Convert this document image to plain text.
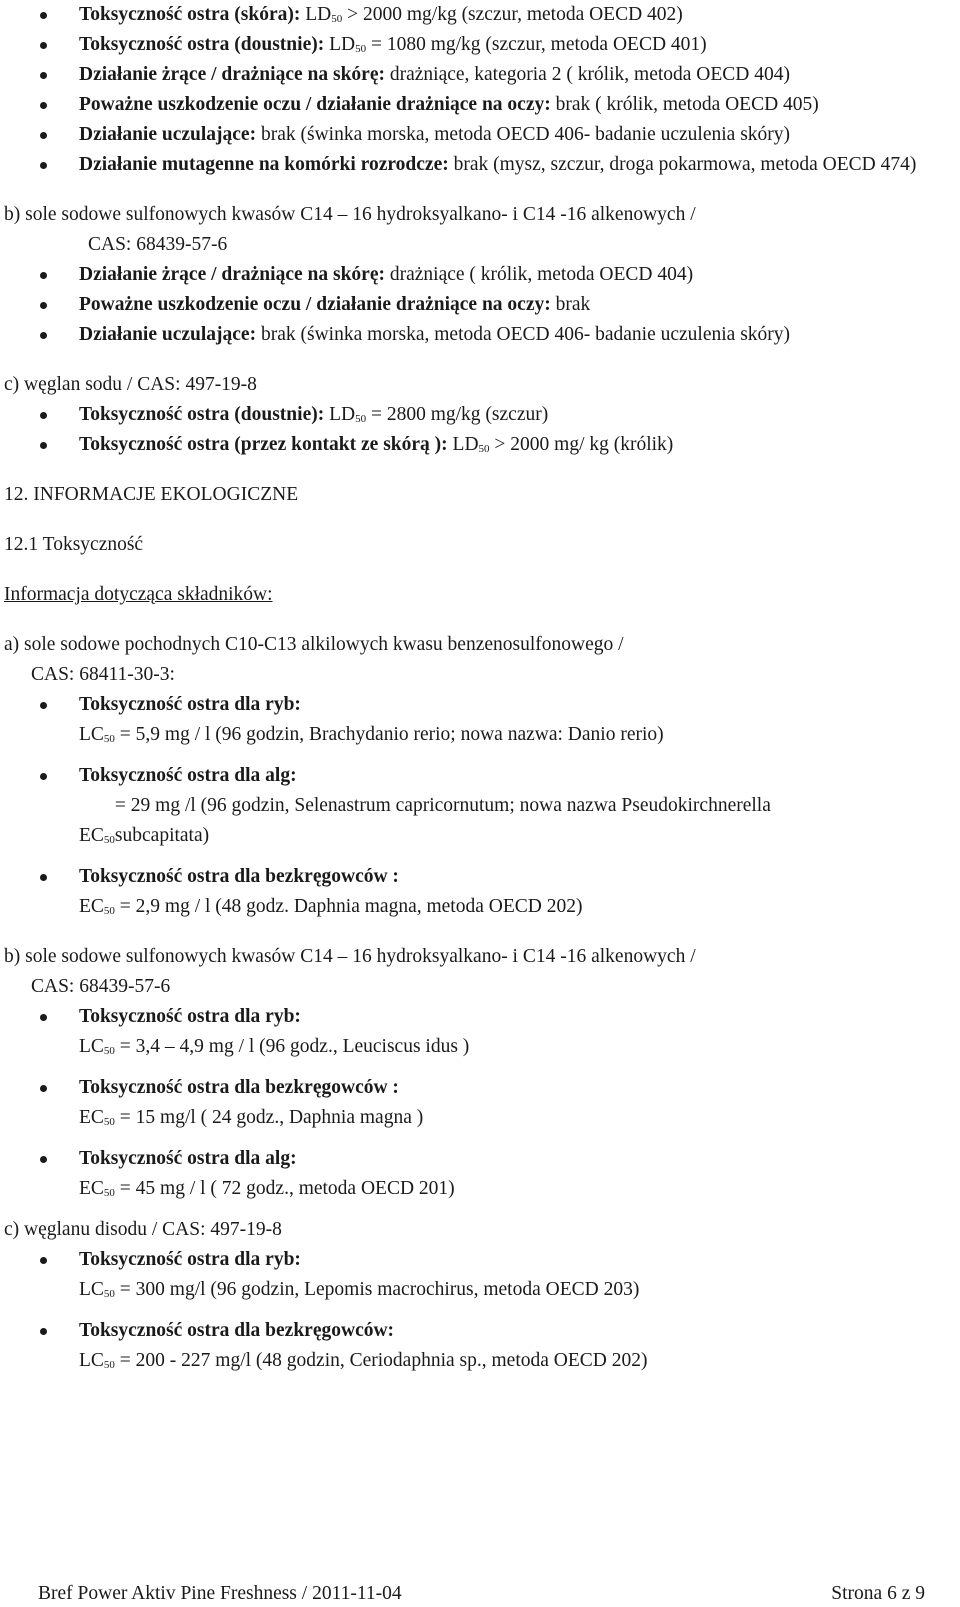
Toksyczność ostra (skóra): $LD_{50} > 2000$ mg/kg (szczur, metoda OECD 402)
Toksyczność ostra (doustnie): $LD_{50} = 1080$ mg/kg (szczur, metoda OECD 401)
Działanie żrące / drażniące na skórę: drażniące, kategoria 2 ( królik, metoda OECD 404)
Poważne uszkodzenie oczu / działanie drażniące na oczy: brak ( królik, metoda OECD 405)
Działanie uczulające: brak (świnka morska, metoda OECD 406- badanie uczulenia skóry)
Działanie mutagenne na komórki rozrodcze: brak (mysz, szczur, droga pokarmowa, metoda OECD 474)
b) sole sodowe sulfonowych kwasów C14 – 16 hydroksyalkano- i C14 -16 alkenowych /
CAS: 68439-57-6
Działanie żrące / drażniące na skórę: drażniące ( królik, metoda OECD 404)
Poważne uszkodzenie oczu / działanie drażniące na oczy: brak
Działanie uczulające: brak (świnka morska, metoda OECD 406- badanie uczulenia skóry)
c) węglan sodu / CAS: 497-19-8
Toksyczność ostra (doustnie): $LD_{50} = 2800$ mg/kg (szczur)
Toksyczność ostra (przez kontakt ze skórą ): $LD_{50} > 2000$ mg/ kg (królik)
12. INFORMACJE EKOLOGICZNE
12.1 Toksyczność
Informacja dotycząca składników:
a) sole sodowe pochodnych C10-C13 alkilowych kwasu benzenosulfonowego /
CAS: 68411-30-3:
Toksyczność ostra dla ryb:
$LC_{50} = 5,9$ mg / l (96 godzin, Brachydanio rerio; nowa nazwa: Danio rerio)
Toksyczność ostra dla alg:
$EC_{50}= 29$ mg /l (96 godzin, Selenastrum capricornutum; nowa nazwa Pseudokirchnerella subcapitata)
Toksyczność ostra dla bezkręgowców :
$EC_{50} = 2,9$ mg / l (48 godz. Daphnia magna, metoda OECD 202)
b) sole sodowe sulfonowych kwasów C14 – 16 hydroksyalkano- i C14 -16 alkenowych /
CAS: 68439-57-6
Toksyczność ostra dla ryb:
$LC_{50} = 3,4 - 4,9$ mg / l (96 godz., Leuciscus idus )
Toksyczność ostra dla bezkręgowców :
$EC_{50} = 15$ mg/l ( 24 godz., Daphnia magna )
Toksyczność ostra dla alg:
$EC_{50} = 45$ mg / l ( 72 godz., metoda OECD 201)
c) węglanu disodu / CAS: 497-19-8
Toksyczność ostra dla ryb:
$LC_{50} = 300$ mg/l (96 godzin, Lepomis macrochirus, metoda OECD 203)
Toksyczność ostra dla bezkręgowców:
$LC_{50} = 200 - 227$ mg/l (48 godzin, Ceriodaphnia sp., metoda OECD 202)
Bref Power Aktiv Pine Freshness / 2011-11-04	Strona 6 z 9
